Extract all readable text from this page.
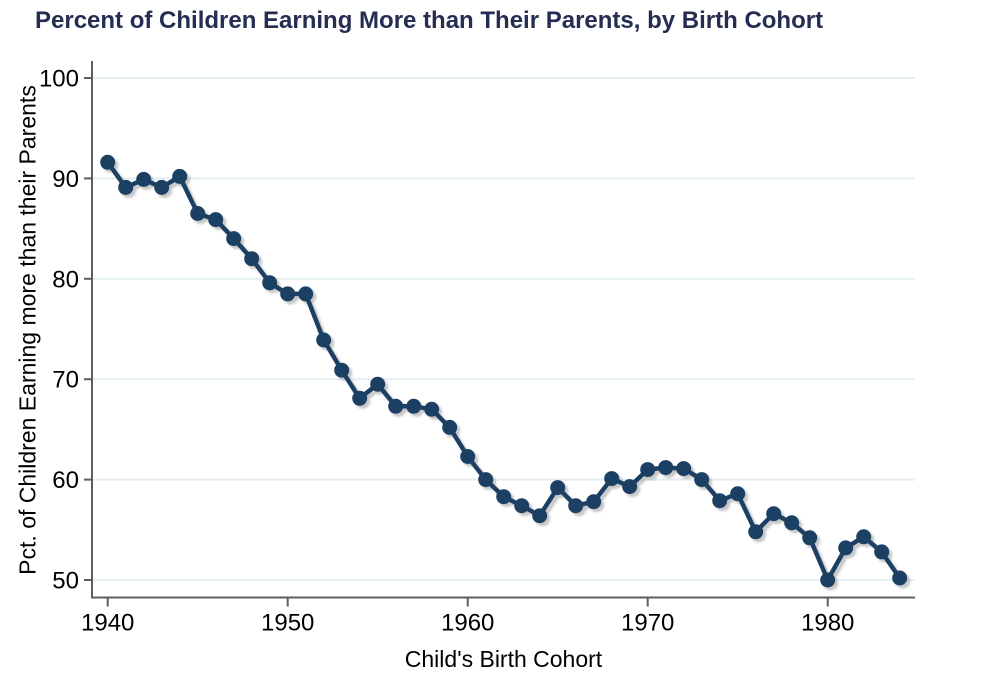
Percent of Children Earning More than Their Parents, by Birth Cohort
Pct. of Children Earning more than their Parents
50
60
70
80
90
100
1940	1950	1960	1970	1980
Child's Birth Cohort
